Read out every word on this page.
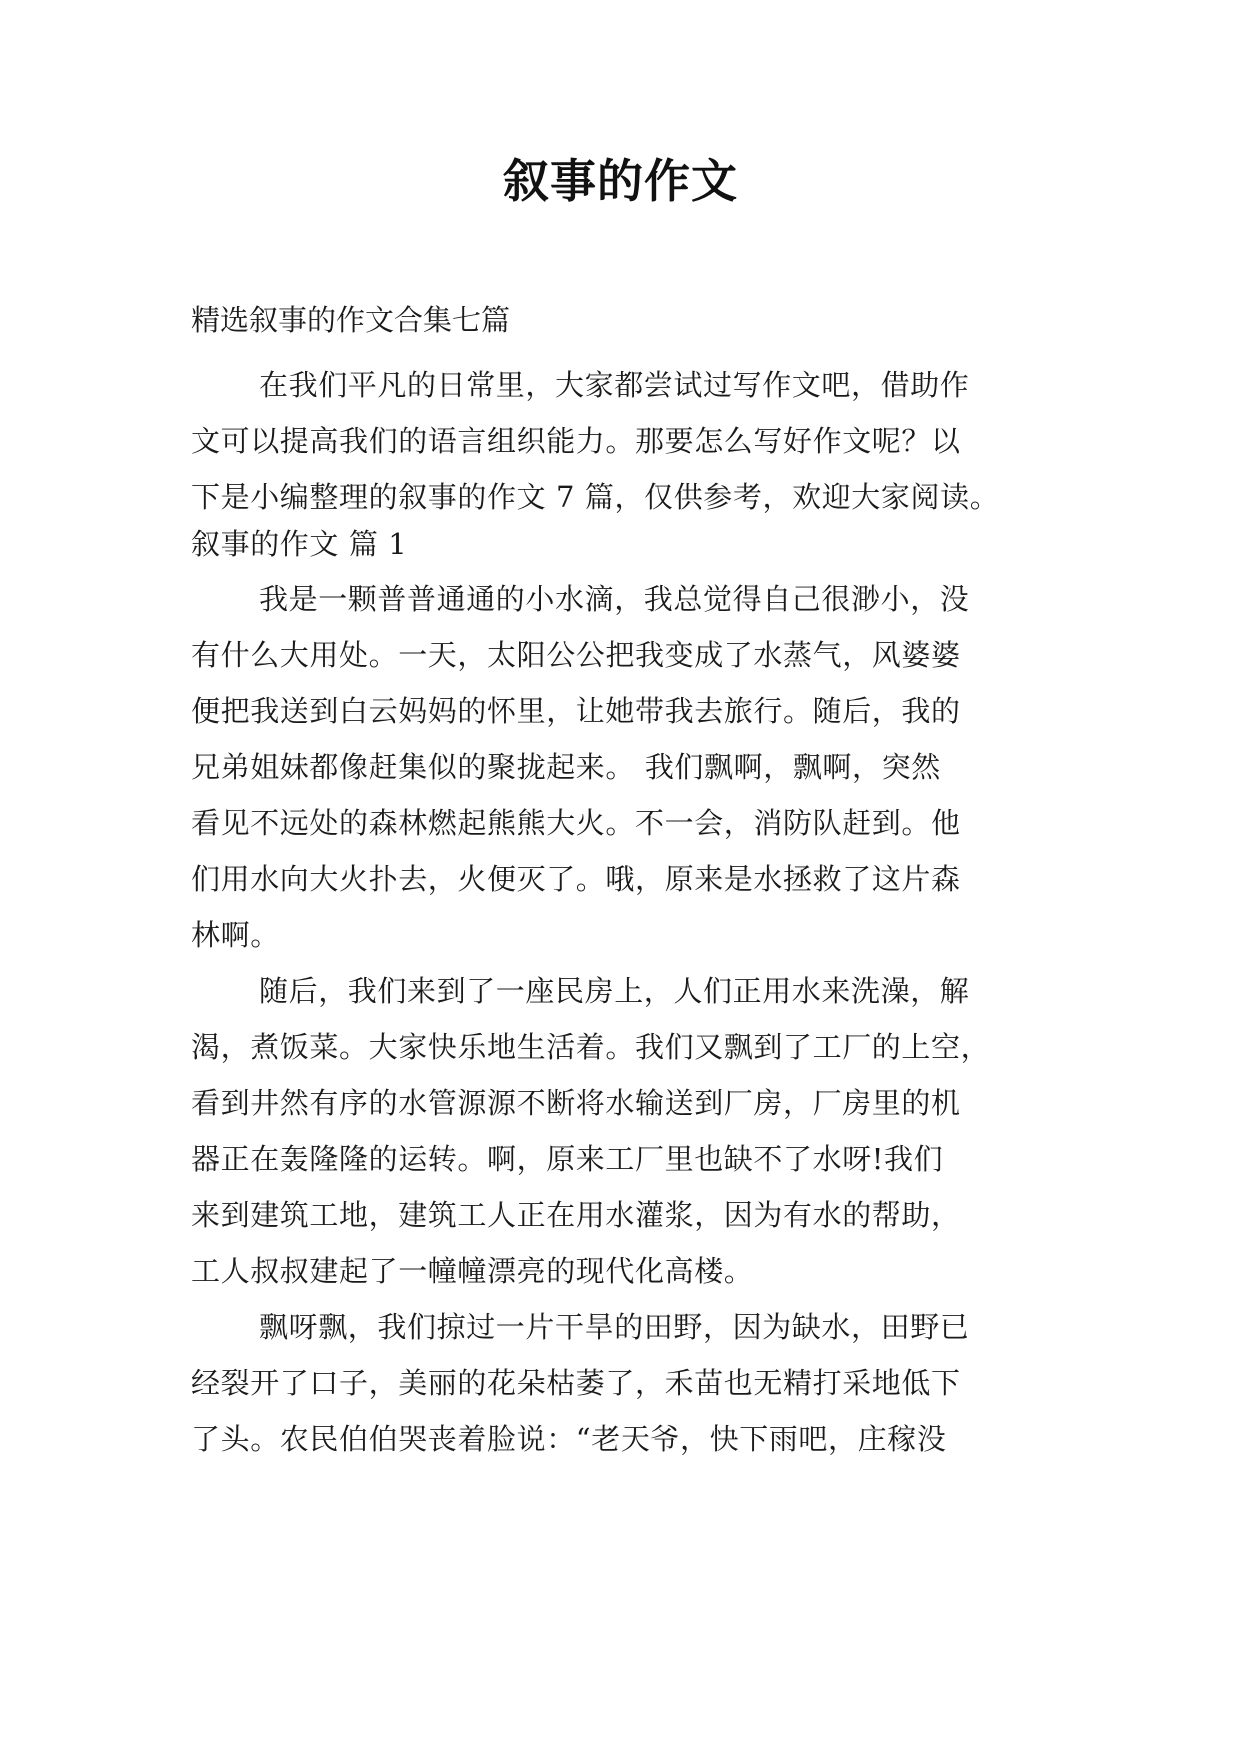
叙事的作文
精选叙事的作文合集七篇
在我们平凡的日常里，大家都尝试过写作文吧，借助作
文可以提高我们的语言组织能力。那要怎么写好作文呢？以
下是小编整理的叙事的作文 7 篇，仅供参考，欢迎大家阅读。
叙事的作文 篇 1
我是一颗普普通通的小水滴，我总觉得自己很渺小，没
有什么大用处。一天，太阳公公把我变成了水蒸气，风婆婆
便把我送到白云妈妈的怀里，让她带我去旅行。随后，我的
兄弟姐妹都像赶集似的聚拢起来。 我们飘啊，飘啊，突然
看见不远处的森林燃起熊熊大火。不一会，消防队赶到。他
们用水向大火扑去，火便灭了。哦，原来是水拯救了这片森
林啊。
随后，我们来到了一座民房上，人们正用水来洗澡，解
渴，煮饭菜。大家快乐地生活着。我们又飘到了工厂的上空，
看到井然有序的水管源源不断将水输送到厂房，厂房里的机
器正在轰隆隆的运转。啊，原来工厂里也缺不了水呀!我们
来到建筑工地，建筑工人正在用水灌浆，因为有水的帮助，
工人叔叔建起了一幢幢漂亮的现代化高楼。
飘呀飘，我们掠过一片干旱的田野，因为缺水，田野已
经裂开了口子，美丽的花朵枯萎了，禾苗也无精打采地低下
了头。农民伯伯哭丧着脸说：“老天爷，快下雨吧，庄稼没
